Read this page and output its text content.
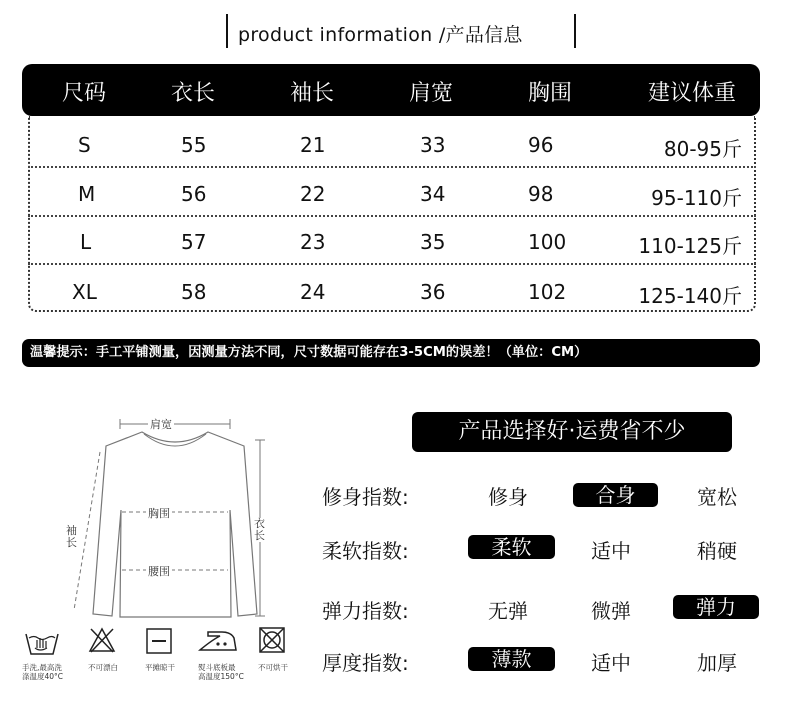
product information /产品信息
尺码	衣长	袖长	肩宽	胸围	建议体重
S	55	21	33	96	80-95斤
M	56	22	34	98	95-110斤
L	57	23	35	100	110-125斤
XL	58	24	36	102	125-140斤
温馨提示：手工平铺测量，因测量方法不同，尺寸数据可能存在3-5CM的误差！（单位：CM）
肩宽
胸围
腰围
袖长
衣长
手洗,最高洗
涤温度40°C
不可漂白	平摊晾干	熨斗底板最
高温度150°C
不可烘干
产品选择好·运费省不少
修身指数:	修身	合身	宽松
柔软指数:	柔软	适中	稍硬
弹力指数:	无弹	微弹	弹力
厚度指数:	薄款	适中	加厚
